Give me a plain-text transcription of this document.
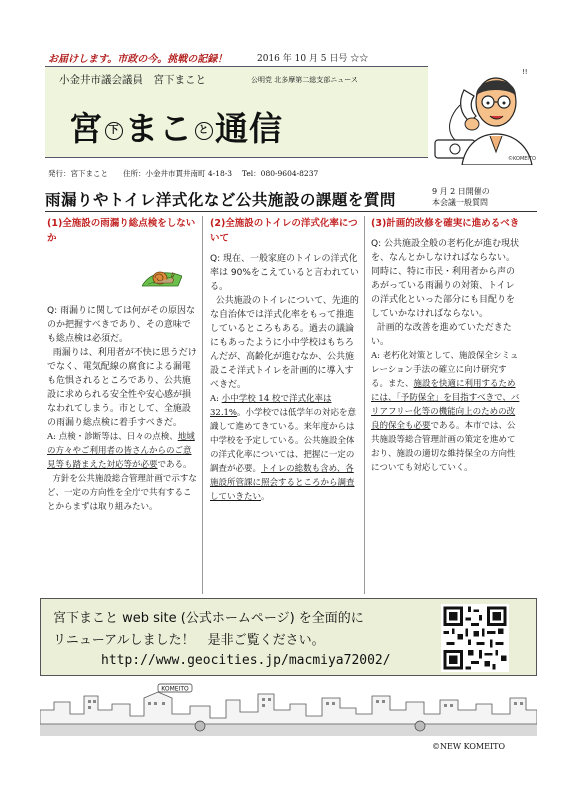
お届けします。市政の今。挑戦の記録！	2016 年 10 月 5 日号 ☆☆
小金井市議会議員　宮下まこと	公明党 北多摩第二総支部ニュース
宮 下 まこ と 通信
!!
©KOMEITO
発行：宮下まこと　　住所：小金井市貫井南町 4-18-3　 Tel：080-9604-8237
雨漏りやトイレ洋式化など公共施設の課題を質問	9 月 2 日開催の
本会議一般質問
(1)全施設の雨漏り総点検をしないか

Q: 雨漏りに関しては何がその原因なのか把握すべきであり、その意味でも総点検は必須だ。

雨漏りは、利用者が不快に思うだけでなく、電気配線の腐食による漏電も危惧されるところであり、公共施設に求められる安全性や安心感が損なわれてしまう。市として、全施設の雨漏り総点検に着手すべきだ。

A: 点検・診断等は、日々の点検、地域の方々やご利用者の皆さんからのご意見等も踏まえた対応等が必要である。

方針を公共施設総合管理計画で示すなど、一定の方向性を全庁で共有することからまずは取り組みたい。

(2)全施設のトイレの洋式化率について

Q: 現在、一般家庭のトイレの洋式化率は 90%をこえていると言われている。

公共施設のトイレについて、先進的な自治体では洋式化率をもって推進しているところもある。過去の議論にもあったように小中学校はもちろんだが、高齢化が進むなか、公共施設こそ洋式トイレを計画的に導入すべきだ。

A: 小中学校 14 校で洋式化率は 32.1%。小学校では低学年の対応を意識して進めてきている。来年度からは中学校を予定している。公共施設全体の洋式化率については、把握に一定の調査が必要。トイレの総数も含め、各施設所管課に照会するところから調査していきたい。

(3)計画的改修を確実に進めるべき

Q: 公共施設全般の老朽化が進む現状を、なんとかしなければならない。同時に、特に市民・利用者から声のあがっている雨漏りの対策、トイレの洋式化といった部分にも目配りをしていかなければならない。

計画的な改善を進めていただきたい。

A: 老朽化対策として、施設保全シミュレーション手法の確立に向け研究する。また、施設を快適に利用するためには、「予防保全」を目指すべきで、バリアフリー化等の機能向上のための改良的保全も必要である。本市では、公共施設等総合管理計画の策定を進めており、施設の適切な維持保全の方向性についても対応していく。

宮下まこと web site (公式ホームページ) を全面的に
リニューアルしました！　是非ご覧ください。
http://www.geocities.jp/macmiya72002/
KOMEITO
©NEW KOMEITO
